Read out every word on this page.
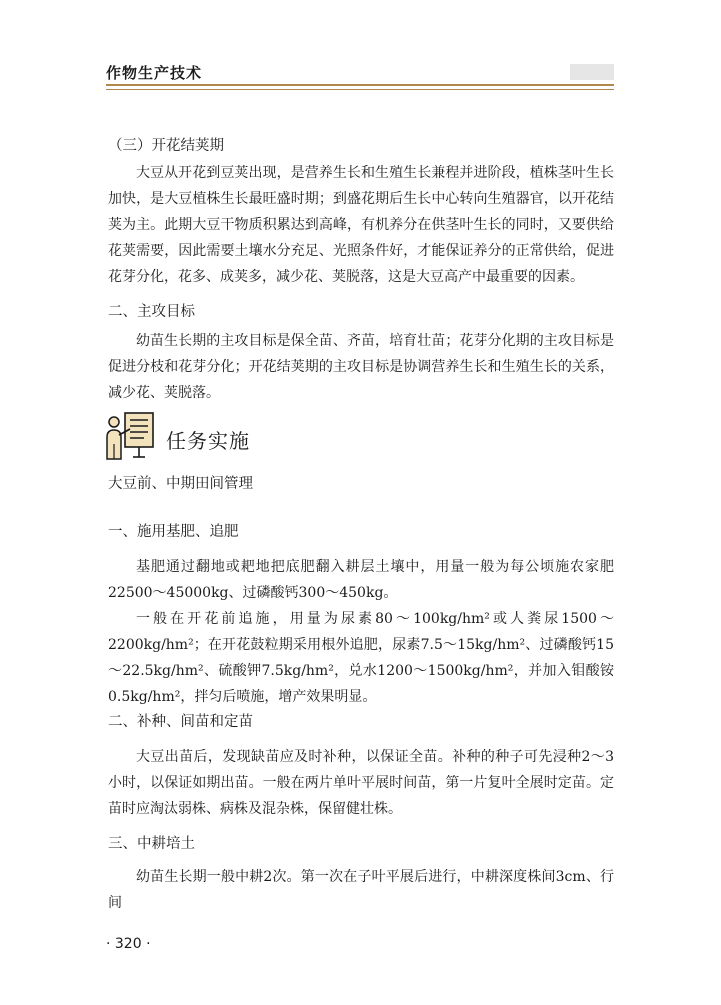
作物生产技术
（三）开花结荚期

大豆从开花到豆荚出现，是营养生长和生殖生长兼程并进阶段，植株茎叶生长加快，是大豆植株生长最旺盛时期；到盛花期后生长中心转向生殖器官，以开花结荚为主。此期大豆干物质积累达到高峰，有机养分在供茎叶生长的同时，又要供给花荚需要，因此需要土壤水分充足、光照条件好，才能保证养分的正常供给，促进花芽分化，花多、成荚多，减少花、荚脱落，这是大豆高产中最重要的因素。

二、主攻目标

幼苗生长期的主攻目标是保全苗、齐苗，培育壮苗；花芽分化期的主攻目标是促进分枝和花芽分化；开花结荚期的主攻目标是协调营养生长和生殖生长的关系，减少花、荚脱落。

大豆前、中期田间管理
一、施用基肥、追肥

基肥通过翻地或耙地把底肥翻入耕层土壤中，用量一般为每公顷施农家肥22500～45000kg、过磷酸钙300～450kg。

一般在开花前追施，用量为尿素80～100kg/hm²或人粪尿1500～2200kg/hm²；在开花鼓粒期采用根外追肥，尿素7.5～15kg/hm²、过磷酸钙15～22.5kg/hm²、硫酸钾7.5kg/hm²，兑水1200～1500kg/hm²，并加入钼酸铵0.5kg/hm²，拌匀后喷施，增产效果明显。

二、补种、间苗和定苗

大豆出苗后，发现缺苗应及时补种，以保证全苗。补种的种子可先浸种2～3小时，以保证如期出苗。一般在两片单叶平展时间苗，第一片复叶全展时定苗。定苗时应淘汰弱株、病株及混杂株，保留健壮株。

三、中耕培土

幼苗生长期一般中耕2次。第一次在子叶平展后进行，中耕深度株间3cm、行间

任务实施
· 320 ·
